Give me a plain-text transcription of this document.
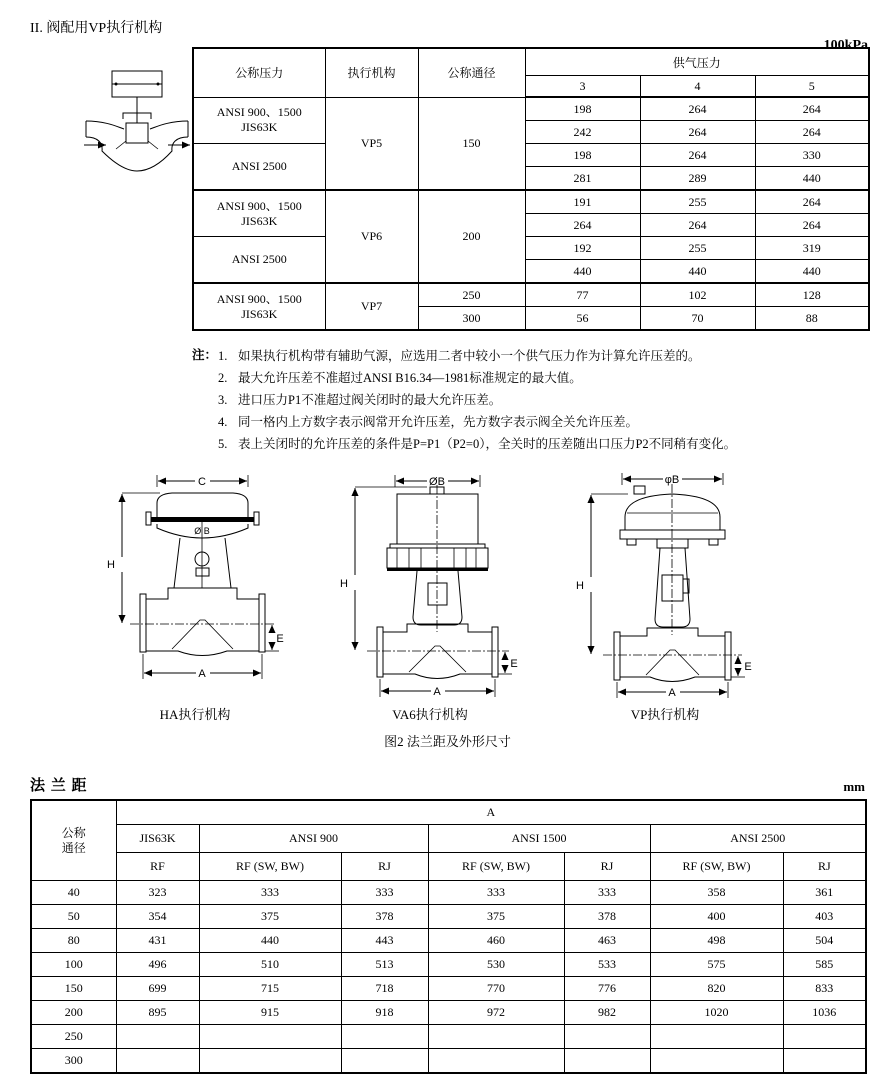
II. 阀配用VP执行机构
100kPa
公称压力	执行机构	公称通径	供气压力		
			3	4	5

ANSI 900、1500
JIS63K	VP5	150	198	264	264
			242	264	264
ANSI 2500			198	264	330
			281	289	440

ANSI 900、1500
JIS63K	VP6	200	191	255	264
			264	264	264
ANSI 2500			192	255	319
			440	440	440

ANSI 900、1500
JIS63K	VP7	250	77	102	128
		300	56	70	88
注： 1. 如果执行机构带有辅助气源，应选用二者中较小一个供气压力作为计算允许压差的。
2. 最大允许压差不准超过ANSI B16.34—1981标准规定的最大值。
3. 进口压力P1不准超过阀关闭时的最大允许压差。
4. 同一格内上方数字表示阀常开允许压差，先方数字表示阀全关允许压差。
5. 表上关闭时的允许压差的条件是P=P1（P2=0），全关时的压差随出口压力P2不同稍有变化。
C
Ø B
H
E
A
HA执行机构
ØB
H
E
A
VA6执行机构
φB
H
E
A
VP执行机构
图2 法兰距及外形尺寸
法 兰 距	mm
公称
通径	A						
	JIS63K	ANSI 900		ANSI 1500		ANSI 2500	
	RF	RF (SW, BW)	RJ	RF (SW, BW)	RJ	RF (SW, BW)	RJ
40	323	333	333	333	333	358	361
50	354	375	378	375	378	400	403
80	431	440	443	460	463	498	504
100	496	510	513	530	533	575	585
150	699	715	718	770	776	820	833
200	895	915	918	972	982	1020	1036
250							
300							
